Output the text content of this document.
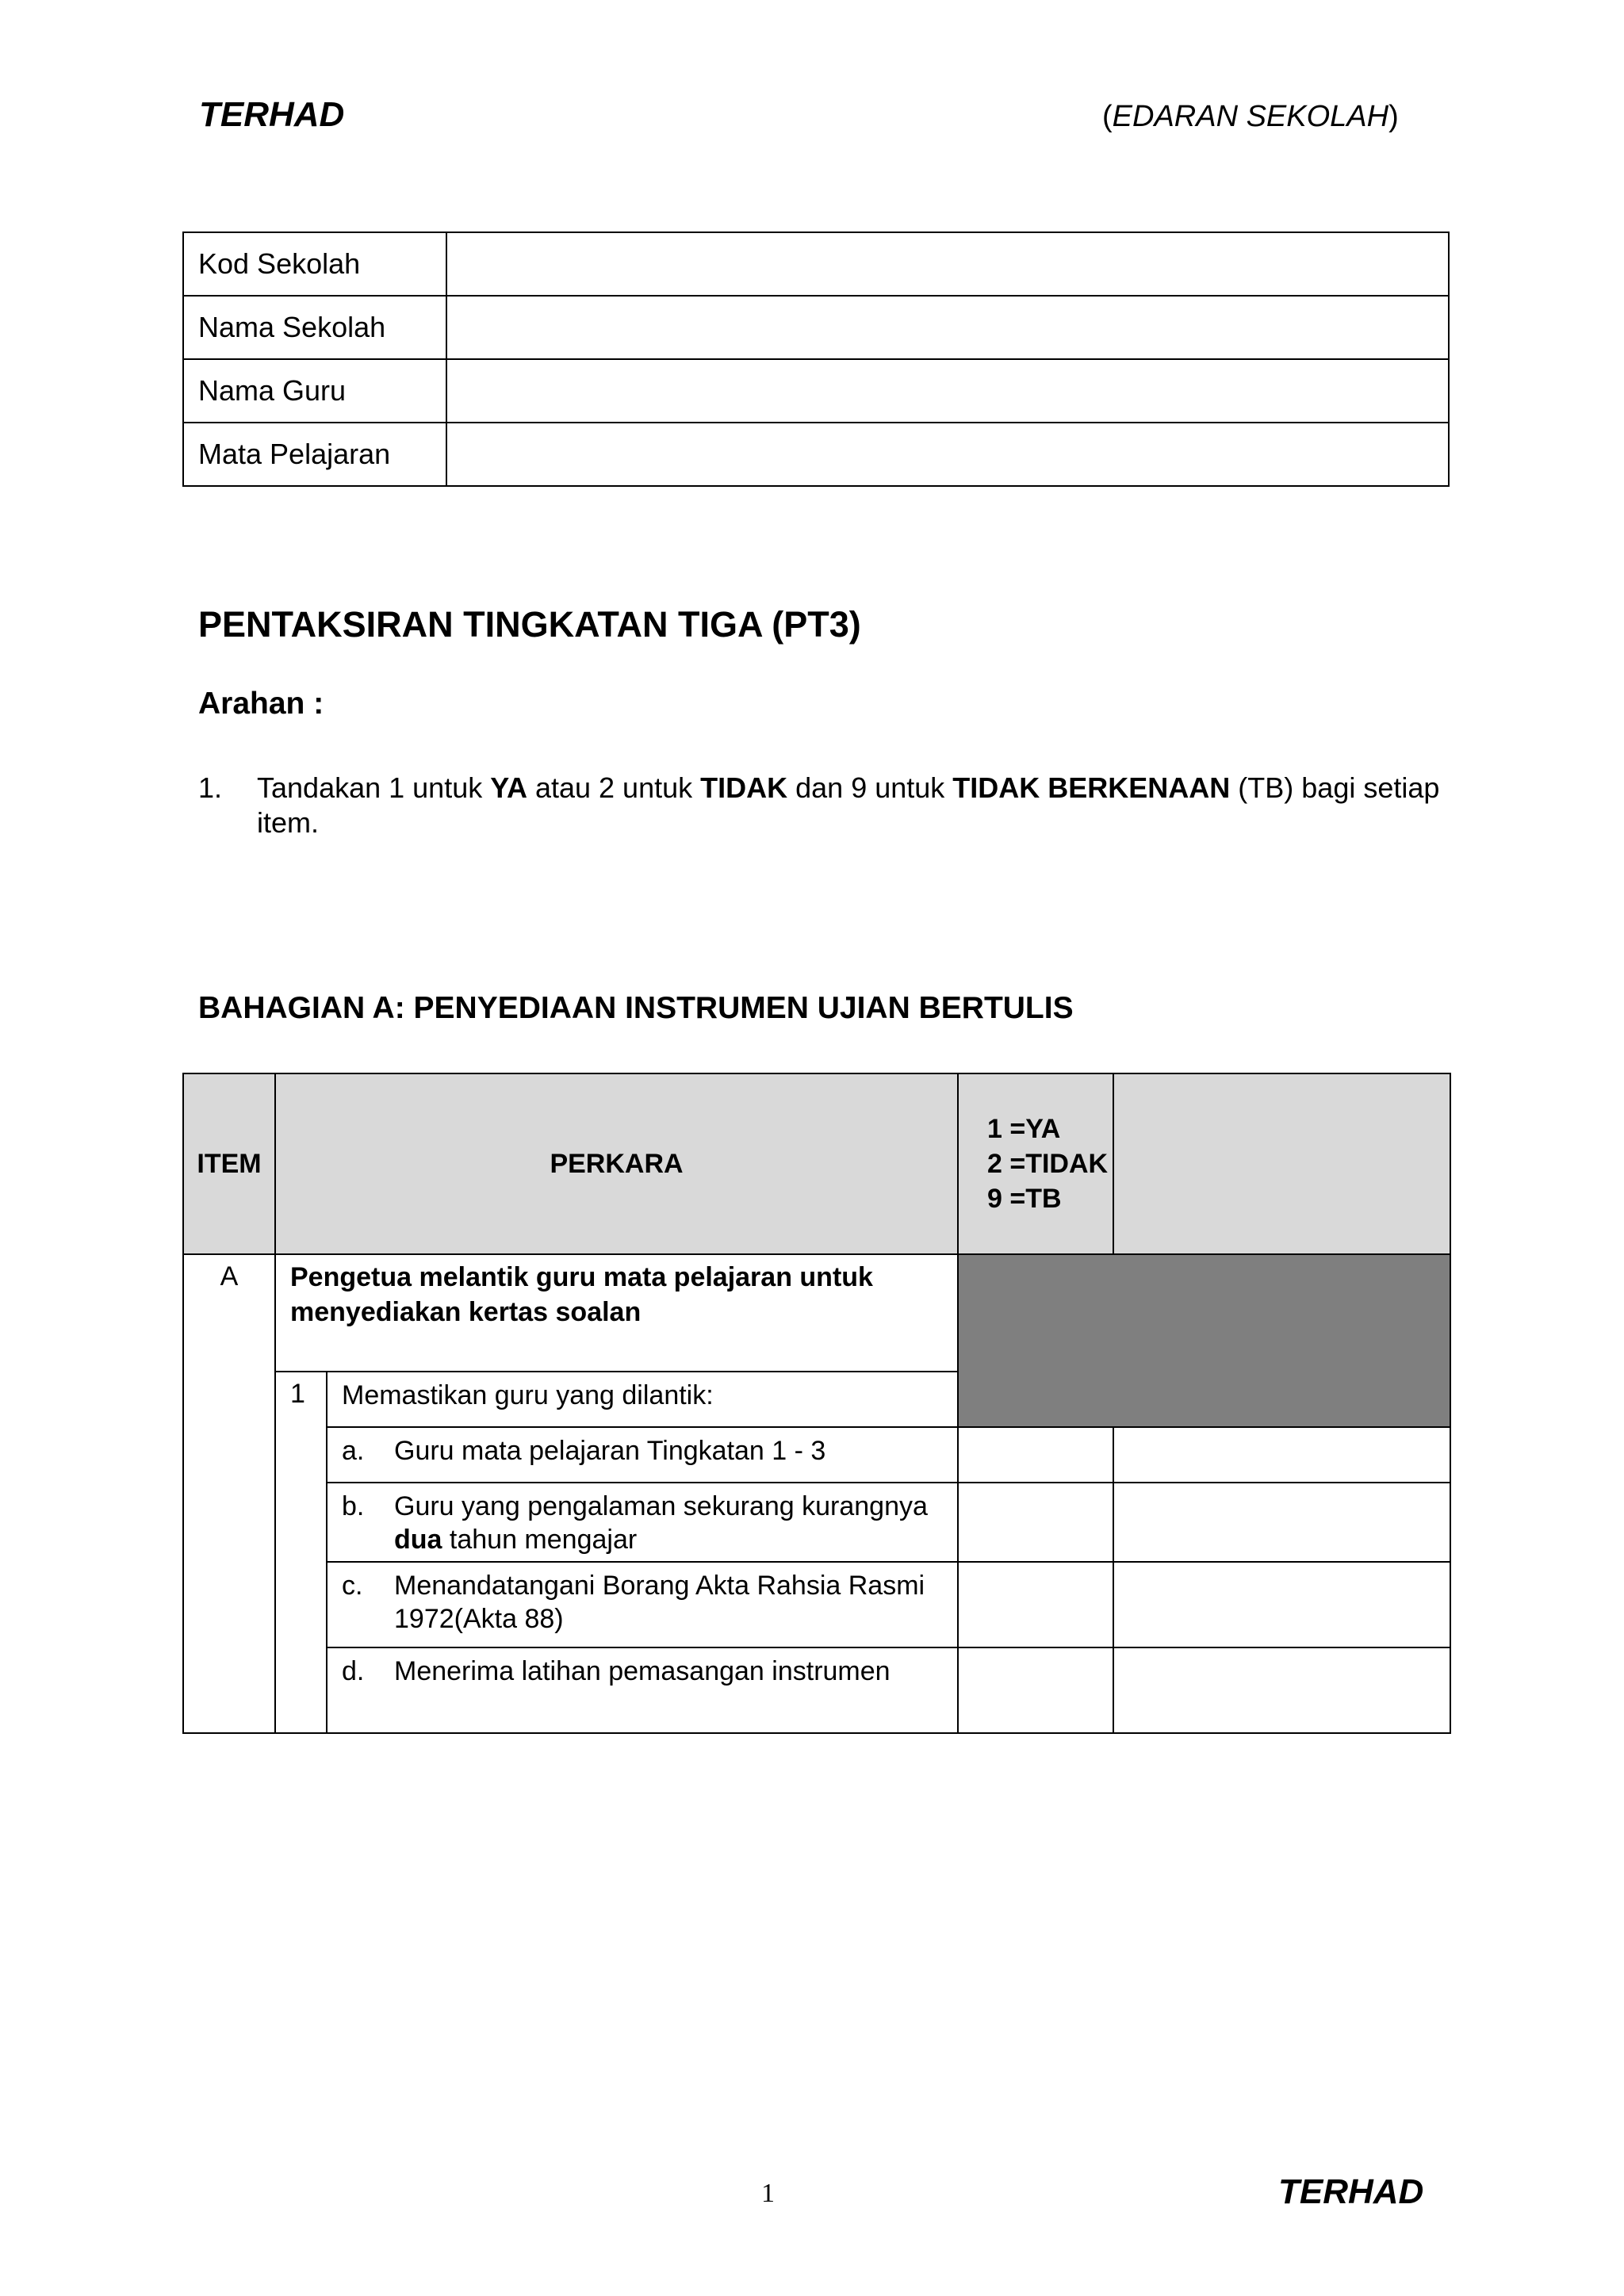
TERHAD	(EDARAN SEKOLAH)
Kod Sekolah	
Nama Sekolah	
Nama Guru	
Mata Pelajaran	
PENTAKSIRAN TINGKATAN TIGA (PT3)
Arahan :
1. Tandakan 1 untuk YA atau 2 untuk TIDAK dan 9 untuk TIDAK BERKENAAN (TB) bagi setiap item.
BAHAGIAN A: PENYEDIAAN INSTRUMEN UJIAN BERTULIS
ITEM	PERKARA		1 =YA
2 =TIDAK
9 =TB	

A	Pengetua melantik guru mata pelajaran untuk menyediakan kertas soalan			
	1	Memastikan guru yang dilantik:		

		a. Guru mata pelajaran Tingkatan 1 - 3		

		b. Guru yang pengalaman sekurang kurangnya dua tahun mengajar		

		c. Menandatangani Borang Akta Rahsia Rasmi 1972(Akta 88)		

		d. Menerima latihan pemasangan instrumen		

1	TERHAD
